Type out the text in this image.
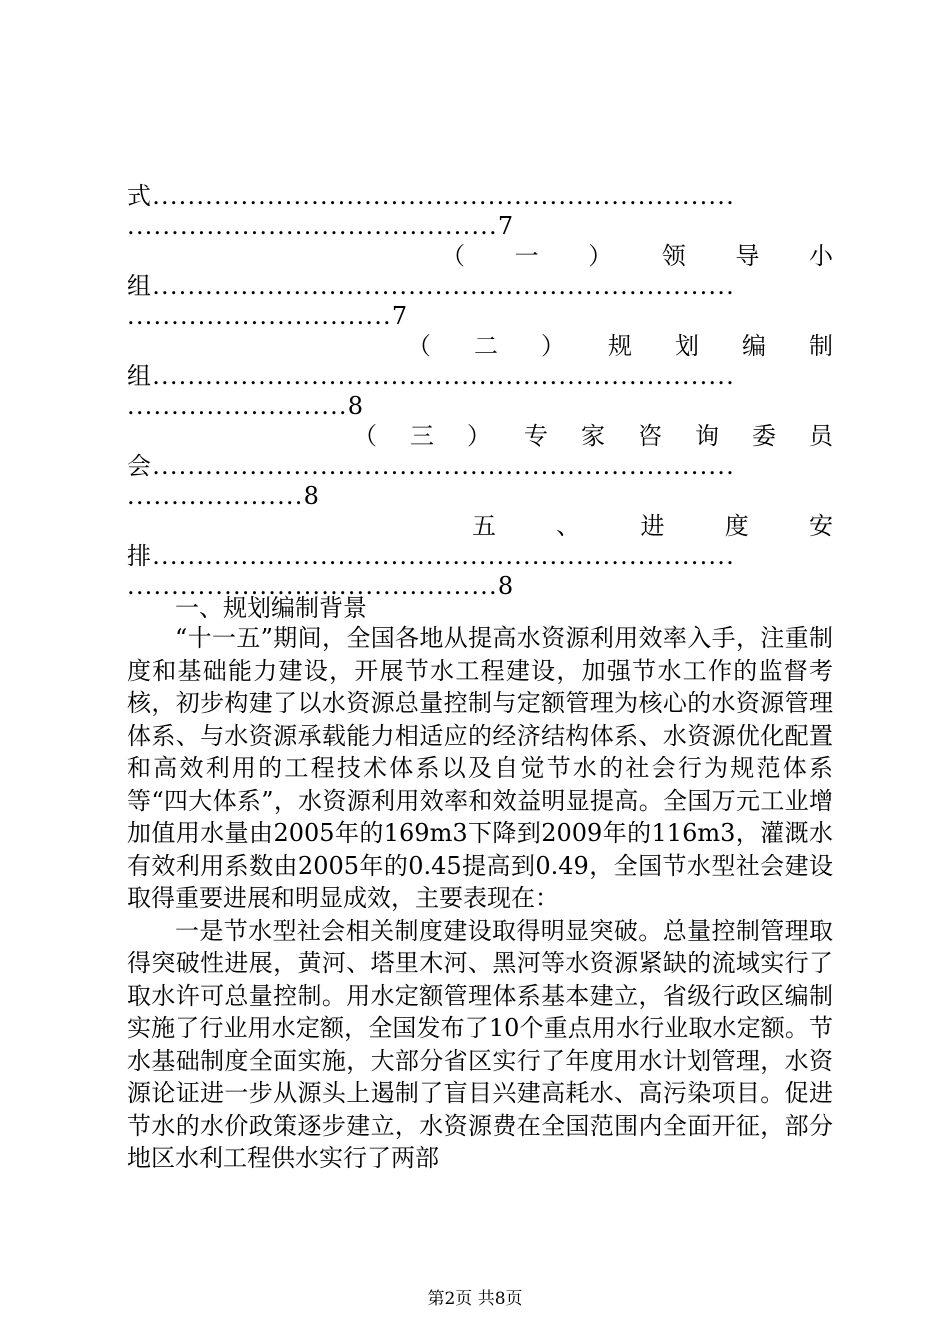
式..................................................................
..........................................7
（ 一 ） 领 导 小
组..................................................................
..............................7
（ 二 ） 规 划 编 制
组..................................................................
.........................8
（ 三 ） 专 家 咨 询 委 员
会..................................................................
....................8
五	、	进	度	安
排..................................................................
..........................................8
一、规划编制背景

“十一五”期间，全国各地从提高水资源利用效率入手，注重制度和基础能力建设，开展节水工程建设，加强节水工作的监督考核，初步构建了以水资源总量控制与定额管理为核心的水资源管理体系、与水资源承载能力相适应的经济结构体系、水资源优化配置和高效利用的工程技术体系以及自觉节水的社会行为规范体系等“四大体系”，水资源利用效率和效益明显提高。全国万元工业增加值用水量由2005年的169m3下降到2009年的116m3，灌溉水有效利用系数由2005年的0.45提高到0.49，全国节水型社会建设取得重要进展和明显成效，主要表现在：

一是节水型社会相关制度建设取得明显突破。总量控制管理取得突破性进展，黄河、塔里木河、黑河等水资源紧缺的流域实行了取水许可总量控制。用水定额管理体系基本建立，省级行政区编制实施了行业用水定额，全国发布了10个重点用水行业取水定额。节水基础制度全面实施，大部分省区实行了年度用水计划管理，水资源论证进一步从源头上遏制了盲目兴建高耗水、高污染项目。促进节水的水价政策逐步建立，水资源费在全国范围内全面开征，部分地区水利工程供水实行了两部

第2页 共8页
